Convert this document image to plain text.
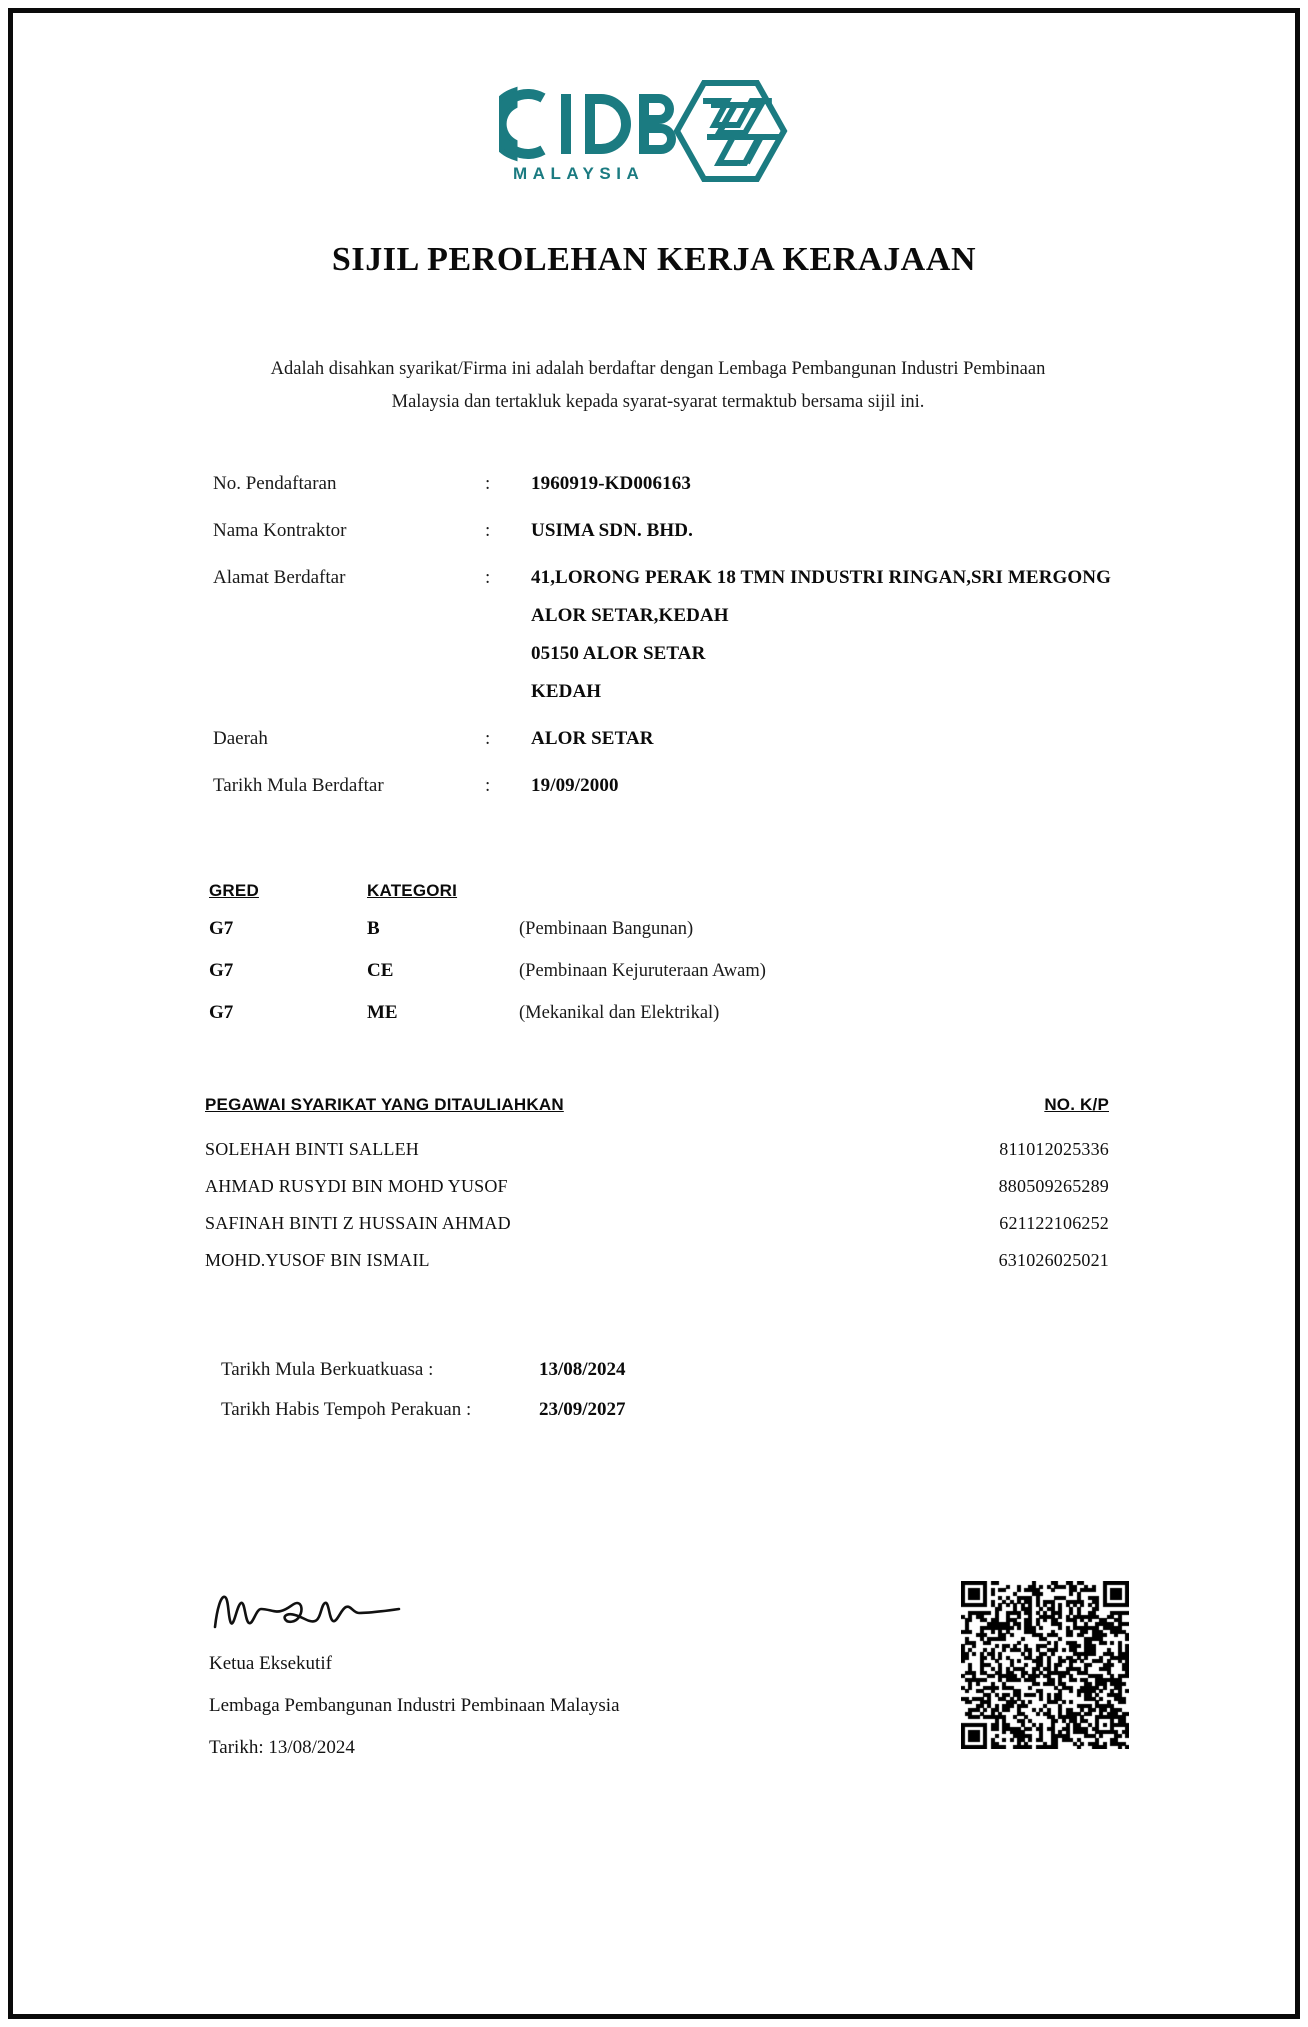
MALAYSIA
SIJIL PEROLEHAN KERJA KERAJAAN
Adalah disahkan syarikat/Firma ini adalah berdaftar dengan Lembaga Pembangunan Industri Pembinaan
Malaysia dan tertakluk kepada syarat-syarat termaktub bersama sijil ini.
No. Pendaftaran	:	1960919-KD006163
Nama Kontraktor	:	USIMA SDN. BHD.
Alamat Berdaftar	:	41,LORONG PERAK 18 TMN INDUSTRI RINGAN,SRI MERGONG
ALOR SETAR,KEDAH
05150 ALOR SETAR
KEDAH
Daerah	:	ALOR SETAR
Tarikh Mula Berdaftar	:	19/09/2000
GRED	KATEGORI
G7	B	(Pembinaan Bangunan)
G7	CE	(Pembinaan Kejuruteraan Awam)
G7	ME	(Mekanikal dan Elektrikal)
PEGAWAI SYARIKAT YANG DITAULIAHKAN	NO. K/P
SOLEHAH BINTI SALLEH	811012025336
AHMAD RUSYDI BIN MOHD YUSOF	880509265289
SAFINAH BINTI Z HUSSAIN AHMAD	621122106252
MOHD.YUSOF BIN ISMAIL	631026025021
Tarikh Mula Berkuatkuasa :	13/08/2024
Tarikh Habis Tempoh Perakuan :	23/09/2027
Ketua Eksekutif
Lembaga Pembangunan Industri Pembinaan Malaysia
Tarikh: 13/08/2024
